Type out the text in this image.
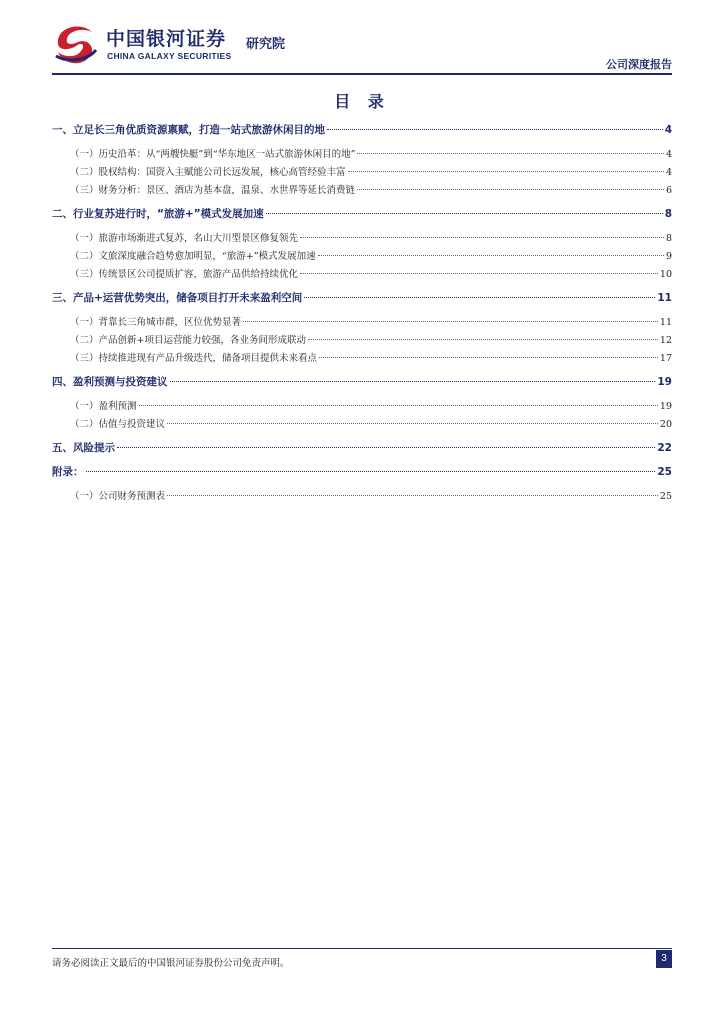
中国银河证券 研究院
CHINA GALAXY SECURITIES
公司深度报告
目 录
一、立足长三角优质资源禀赋，打造一站式旅游休闲目的地	4
（一）历史沿革：从“两艘快艇”到“华东地区一站式旅游休闲目的地”	4
（二）股权结构：国资入主赋能公司长远发展，核心高管经验丰富	4
（三）财务分析：景区、酒店为基本盘，温泉、水世界等延长消费链	6
二、行业复苏进行时，“旅游+”模式发展加速	8
（一）旅游市场渐进式复苏，名山大川型景区修复领先	8
（二）文旅深度融合趋势愈加明显，“旅游+”模式发展加速	9
（三）传统景区公司提质扩容，旅游产品供给持续优化	10
三、产品+运营优势突出，储备项目打开未来盈利空间	11
（一）背靠长三角城市群，区位优势显著	11
（二）产品创新+项目运营能力较强，各业务间形成联动	12
（三）持续推进现有产品升级迭代，储备项目提供未来看点	17
四、盈利预测与投资建议	19
（一）盈利预测	19
（二）估值与投资建议	20
五、风险提示	22
附录：	25
（一）公司财务预测表	25
请务必阅读正文最后的中国银河证券股份公司免责声明。	3
